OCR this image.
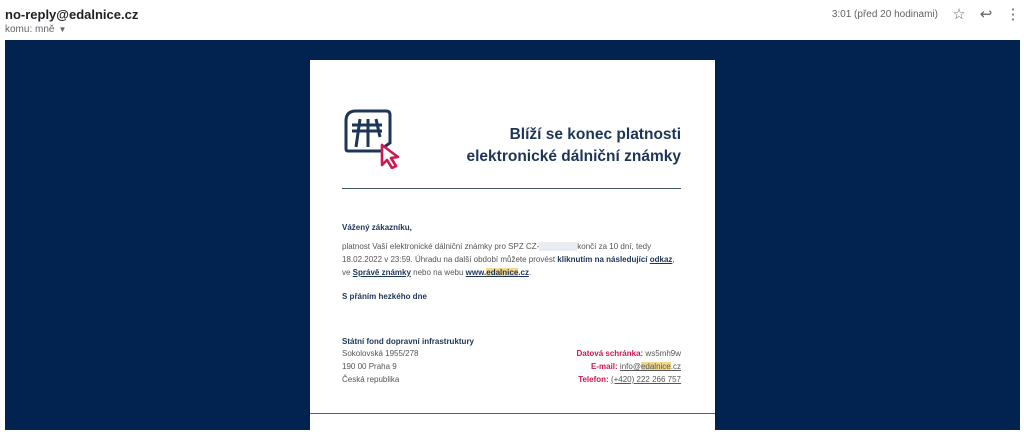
no-reply@edalnice.cz
komu: mně ▼
3:01 (před 20 hodinami) ☆ ↩ ⋮
Blíží se konec platnosti
elektronické dálniční známky
Vážený zákazníku,
platnost Vaší elektronické dálniční známky pro SPZ CZ-	končí za 10 dní, tedy 18.02.2022 v 23:59. Úhradu na další období můžete provést kliknutím na následující odkaz, ve Správě známky nebo na webu www.edalnice.cz.
S přáním hezkého dne
Státní fond dopravní infrastruktury
Sokolovská 1955/278
190 00 Praha 9
Česká republika
Datová schránka: ws5mh9w
E-mail: info@edalnice.cz
Telefon: (+420) 222 266 757
